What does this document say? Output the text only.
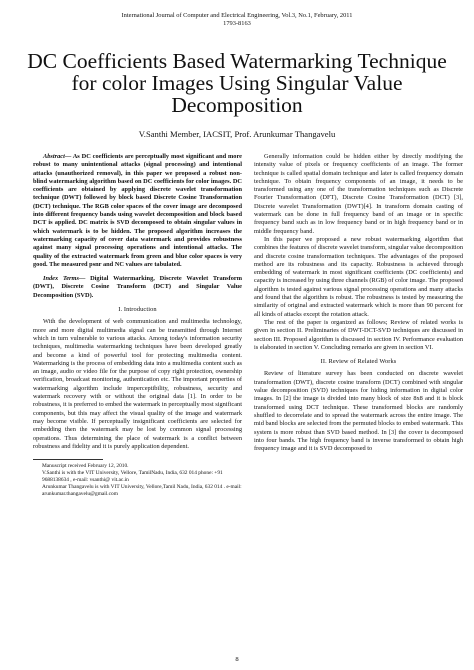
International Journal of Computer and Electrical Engineering, Vol.3, No.1, February, 2011
1793-8163
DC Coefficients Based Watermarking Technique for color Images Using Singular Value Decomposition
V.Santhi Member, IACSIT, Prof. Arunkumar Thangavelu

Abstract— As DC coefficients are perceptually most significant and more robust to many unintentional attacks (signal processing) and intentional attacks (unauthorized removal), in this paper we proposed a robust non-blind watermarking algorithm based on DC coefficients for color images. DC coefficients are obtained by applying discrete wavelet transformation technique (DWT) followed by block based Discrete Cosine Transformation (DCT) technique. The RGB color spaces of the cover image are decomposed into different frequency bands using wavelet decomposition and block based DCT is applied. DC matrix is SVD decomposed to obtain singular values in which watermark is to be hidden. The proposed algorithm increases the watermarking capacity of cover data watermark and provides robustness against many signal processing operations and intentional attacks. The quality of the extracted watermark from green and blue color spaces is very good. The measured psnr and NC values are tabulated.

Index Terms— Digital Watermarking, Discrete Wavelet Transform (DWT), Discrete Cosine Transform (DCT) and Singular Value Decomposition (SVD).

I. Introduction

With the development of web communication and multimedia technology, more and more digital multimedia signal can be transmitted through Internet which in turn vulnerable to various attacks. Among today's information security techniques, multimedia watermarking techniques have been developed greatly and become a kind of powerful tool for protecting multimedia content. Watermarking is the process of embedding data into a multimedia content such as an image, audio or video file for the purpose of copy right protection, ownership verification, broadcast monitoring, authentication etc. The important properties of watermarking algorithm include imperceptibility, robustness, security and watermark recovery with or without the original data [1]. In order to be robustness, it is preferred to embed the watermark in perceptually most significant components, but this may affect the visual quality of the image and watermark may become visible. If perceptually insignificant coefficients are selected for embedding then the watermark may be lost by common signal processing operations. Thus determining the place of watermark is a conflict between robustness and fidelity and it is purely application dependent.

Manuscript received February 12, 2010.

V.Santhi is with the VIT University, Vellore, TamilNadu, India, 632 014 phone: +91 9688138634 , e-mail: vsanthi@ vit.ac.in

Arunkumar Thangavelu is with VIT University, Vellore,Tamil Nadu, India, 632 014 . e-mail: arunkumar.thangavelu@gmail.com

Generally information could be hidden either by directly modifying the intensity value of pixels or frequency coefficients of an image. The former technique is called spatial domain technique and later is called frequency domain technique. To obtain frequency components of an image, it needs to be transformed using any one of the transformation techniques such as Discrete Fourier Transformation (DFT), Discrete Cosine Transformation (DCT) [3], Discrete wavelet Transformation (DWT)[4]. In transform domain casting of watermark can be done in full frequency band of an image or in specific frequency band such as in low frequency band or in high frequency band or in middle frequency band.

In this paper we proposed a new robust watermarking algorithm that combines the features of discrete wavelet transform, singular value decomposition and discrete cosine transformation techniques. The advantages of the proposed method are its robustness and its capacity. Robustness is achieved through embedding of watermark in most significant coefficients (DC coefficients) and capacity is increased by using three channels (RGB) of color image. The proposed algorithm is tested against various signal processing operations and many attacks and found that the algorithm is robust. The robustness is tested by measuring the similarity of original and extracted watermark which is more than 90 percent for all kinds of attacks except the rotation attack.

The rest of the paper is organized as follows; Review of related works is given in section II. Preliminaries of DWT-DCT-SVD techniques are discussed in section III. Proposed algorithm is discussed in section IV. Performance evaluation is elaborated in section V. Concluding remarks are given in section VI.

II. Review of Related Works

Review of literature survey has been conducted on discrete wavelet transformation (DWT), discrete cosine transform (DCT) combined with singular value decomposition (SVD) techniques for hiding information in digital color images. In [2] the image is divided into many block of size 8x8 and it is block transformed using DCT technique. These transformed blocks are randomly shuffled to decorrelate and to spread the watermark across the entire image. The mid band blocks are selected from the permuted blocks to embed watermark. This system is more robust than SVD based method. In [3] the cover is decomposed into four bands. The high frequency band is inverse transformed to obtain high frequency image and it is SVD decomposed to

8
